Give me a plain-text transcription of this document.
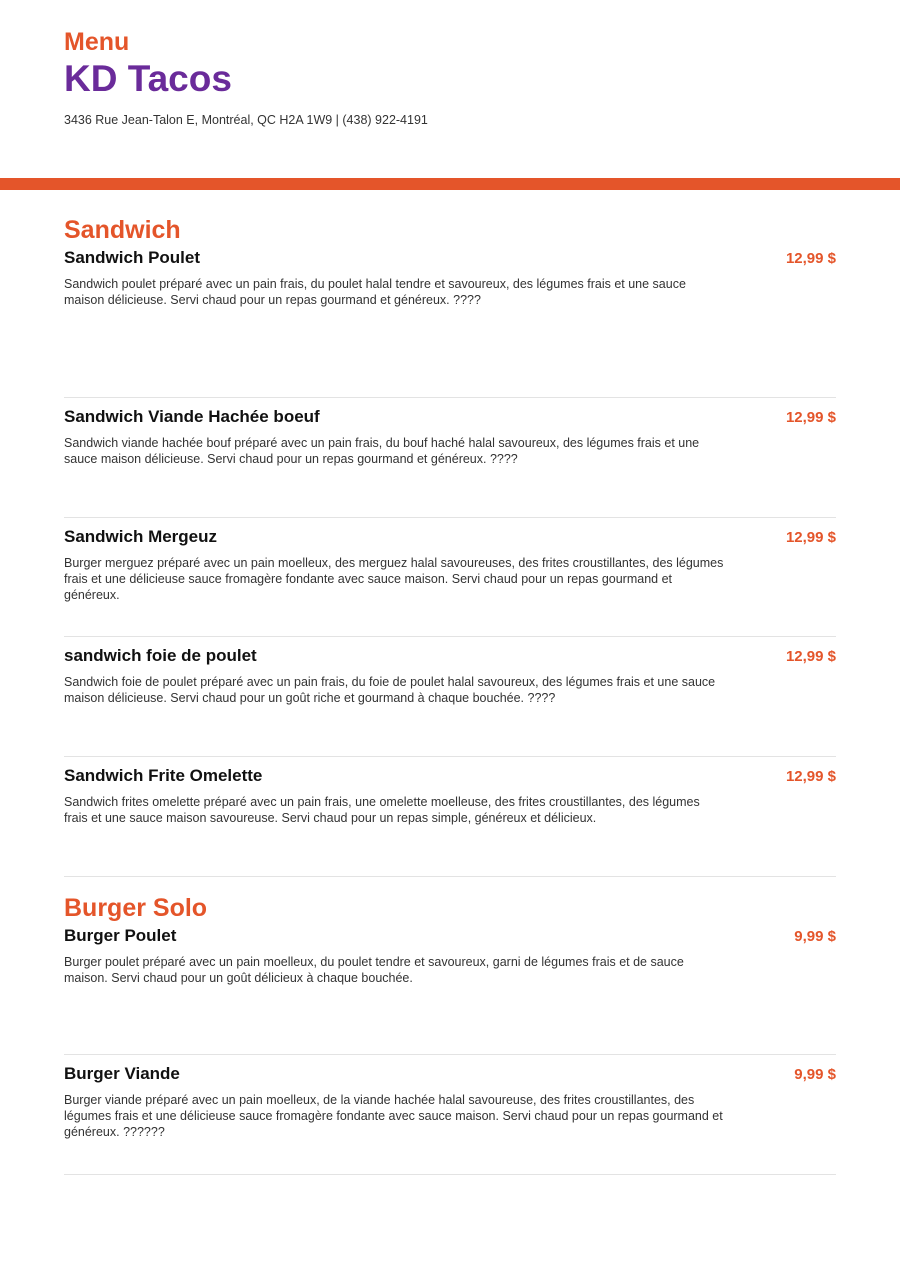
Menu
KD Tacos
3436 Rue Jean-Talon E, Montréal, QC H2A 1W9 | (438) 922-4191
Sandwich
Sandwich Poulet	12,99 $
Sandwich poulet préparé avec un pain frais, du poulet halal tendre et savoureux, des légumes frais et une sauce maison délicieuse. Servi chaud pour un repas gourmand et généreux. ????
Sandwich Viande Hachée boeuf	12,99 $
Sandwich viande hachée bouf préparé avec un pain frais, du bouf haché halal savoureux, des légumes frais et une sauce maison délicieuse. Servi chaud pour un repas gourmand et généreux. ????
Sandwich Mergeuz	12,99 $
Burger merguez préparé avec un pain moelleux, des merguez halal savoureuses, des frites croustillantes, des légumes frais et une délicieuse sauce fromagère fondante avec sauce maison. Servi chaud pour un repas gourmand et généreux.
sandwich foie de poulet	12,99 $
Sandwich foie de poulet préparé avec un pain frais, du foie de poulet halal savoureux, des légumes frais et une sauce maison délicieuse. Servi chaud pour un goût riche et gourmand à chaque bouchée. ????
Sandwich Frite Omelette	12,99 $
Sandwich frites omelette préparé avec un pain frais, une omelette moelleuse, des frites croustillantes, des légumes frais et une sauce maison savoureuse. Servi chaud pour un repas simple, généreux et délicieux.
Burger Solo
Burger Poulet	9,99 $
Burger poulet préparé avec un pain moelleux, du poulet tendre et savoureux, garni de légumes frais et de sauce maison. Servi chaud pour un goût délicieux à chaque bouchée.
Burger Viande	9,99 $
Burger viande préparé avec un pain moelleux, de la viande hachée halal savoureuse, des frites croustillantes, des légumes frais et une délicieuse sauce fromagère fondante avec sauce maison. Servi chaud pour un repas gourmand et généreux. ??????
